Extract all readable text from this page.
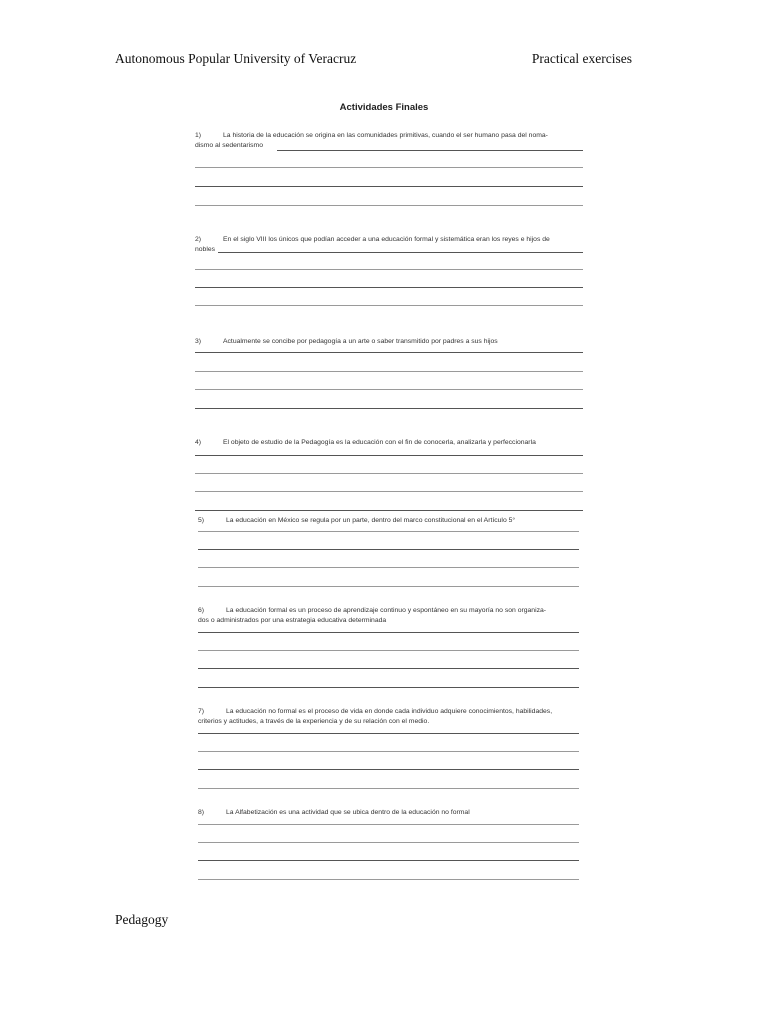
Autonomous Popular University of Veracruz	Practical exercises
Actividades Finales
1)	La historia de la educación se origina en las comunidades primitivas, cuando el ser humano pasa del noma-
dismo al sedentarismo
2)	En el siglo VIII los únicos que podían acceder a una educación formal y sistemática eran los reyes e hijos de
nobles
3)	Actualmente se concibe por pedagogía a un arte o saber transmitido por padres a sus hijos
4)	El objeto de estudio de la Pedagogía es la educación con el fin de conocerla, analizarla y perfeccionarla
5)	La educación en México se regula por un parte, dentro del marco constitucional en el Artículo 5°
6)	La educación formal es un proceso de aprendizaje continuo y espontáneo en su mayoría no son organiza-
dos o administrados por una estrategia educativa determinada
7)	La educación no formal es el proceso de vida en donde cada individuo adquiere conocimientos, habilidades,
criterios y actitudes, a través de la experiencia y de su relación con el medio.
8)	La Alfabetización es una actividad que se ubica dentro de la educación no formal
Pedagogy
